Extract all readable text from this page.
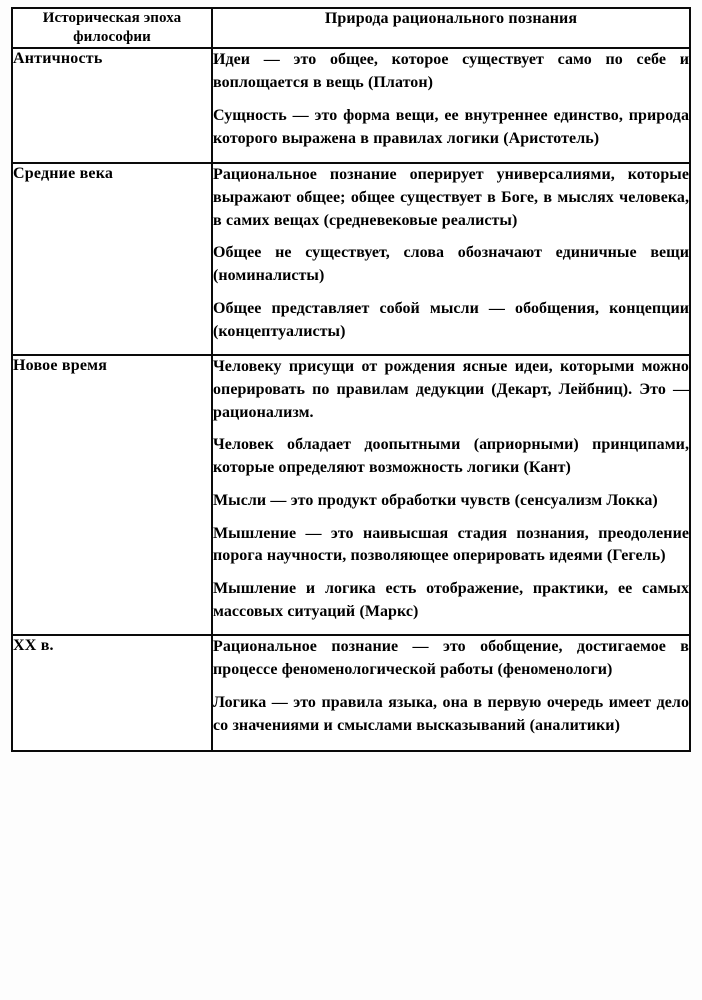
Историческая эпоха философии	Природа рационального познания
Античность	Идеи — это общее, которое существует само по себе и воплощается в вещь (Платон)

Сущность — это форма вещи, ее внутреннее единство, природа которого выражена в правилах логики (Аристотель)

Средние века	Рациональное познание оперирует универсалиями, которые выражают общее; общее существует в Боге, в мыслях человека, в самих вещах (средневековые реалисты)

Общее не существует, слова обозначают единичные вещи (номиналисты)

Общее представляет собой мысли — обобщения, концепции (концептуалисты)

Новое время	Человеку присущи от рождения ясные идеи, которыми можно оперировать по правилам дедукции (Декарт, Лейбниц). Это — рационализм.

Человек обладает доопытными (априорными) принципами, которые определяют возможность логики (Кант)

Мысли — это продукт обработки чувств (сенсуализм Локка)

Мышление — это наивысшая стадия познания, преодоление порога научности, позволяющее оперировать идеями (Гегель)

Мышление и логика есть отображение, практики, ее самых массовых ситуаций (Маркс)

XX в.	Рациональное познание — это обобщение, достигаемое в процессе феноменологической работы (феноменологи)

Логика — это правила языка, она в первую очередь имеет дело со значениями и смыслами высказываний (аналитики)
